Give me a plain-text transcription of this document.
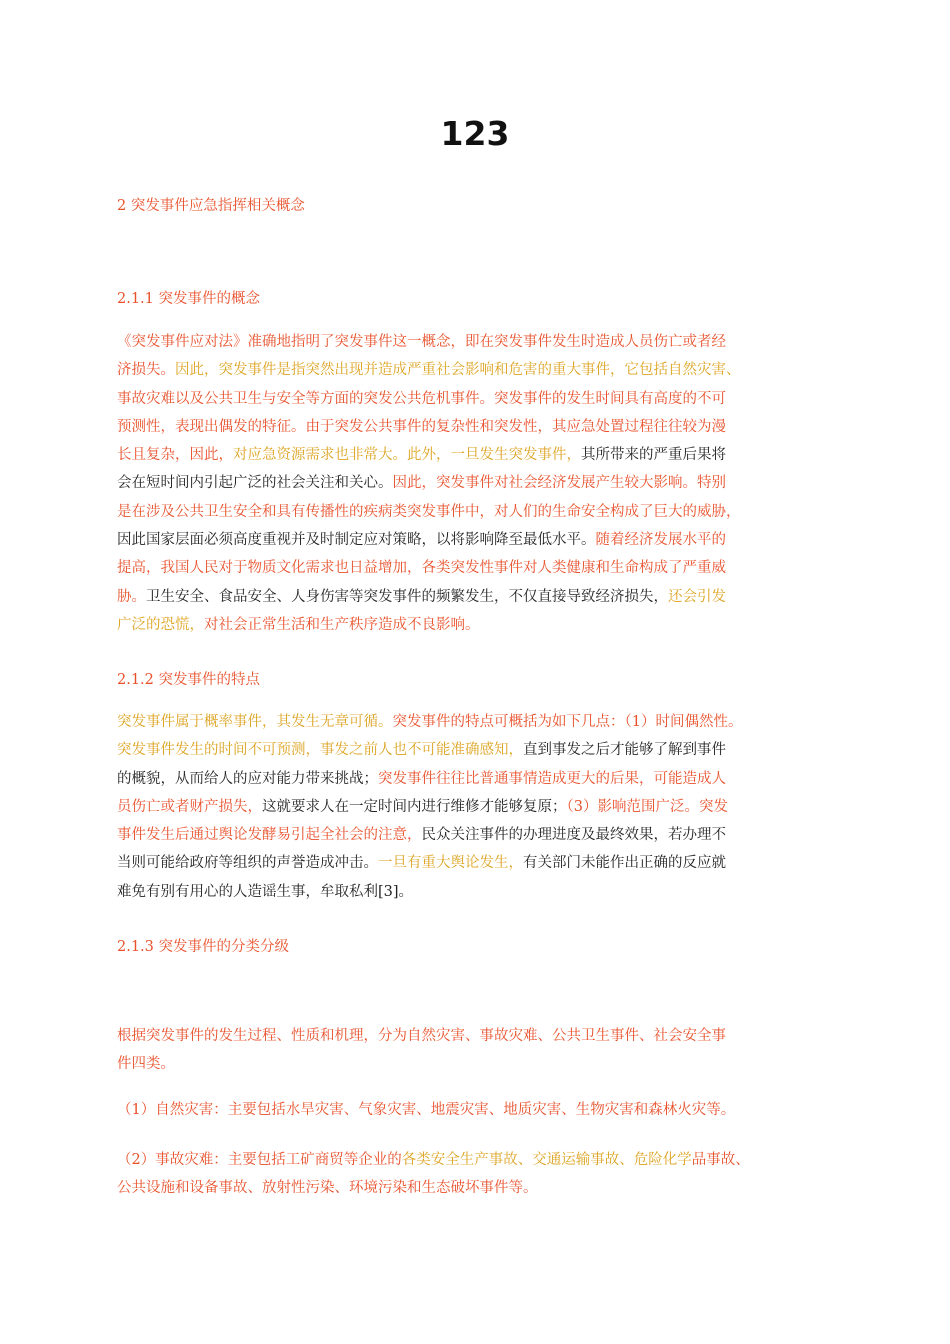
123

2 突发事件应急指挥相关概念

2.1.1 突发事件的概念

《突发事件应对法》准确地指明了突发事件这一概念，即在突发事件发生时造成人员伤亡或者经
济损失。因此，突发事件是指突然出现并造成严重社会影响和危害的重大事件，它包括自然灾害、
事故灾难以及公共卫生与安全等方面的突发公共危机事件。突发事件的发生时间具有高度的不可
预测性，表现出偶发的特征。由于突发公共事件的复杂性和突发性，其应急处置过程往往较为漫
长且复杂，因此，对应急资源需求也非常大。此外，一旦发生突发事件，其所带来的严重后果将
会在短时间内引起广泛的社会关注和关心。因此，突发事件对社会经济发展产生较大影响。特别
是在涉及公共卫生安全和具有传播性的疾病类突发事件中，对人们的生命安全构成了巨大的威胁，
因此国家层面必须高度重视并及时制定应对策略，以将影响降至最低水平。随着经济发展水平的
提高，我国人民对于物质文化需求也日益增加，各类突发性事件对人类健康和生命构成了严重威
胁。卫生安全、食品安全、人身伤害等突发事件的频繁发生，不仅直接导致经济损失，还会引发
广泛的恐慌，对社会正常生活和生产秩序造成不良影响。

2.1.2 突发事件的特点

突发事件属于概率事件，其发生无章可循。突发事件的特点可概括为如下几点：（1）时间偶然性。
突发事件发生的时间不可预测，事发之前人也不可能准确感知，直到事发之后才能够了解到事件
的概貌，从而给人的应对能力带来挑战；突发事件往往比普通事情造成更大的后果，可能造成人
员伤亡或者财产损失，这就要求人在一定时间内进行维修才能够复原；（3）影响范围广泛。突发
事件发生后通过舆论发酵易引起全社会的注意，民众关注事件的办理进度及最终效果，若办理不
当则可能给政府等组织的声誉造成冲击。一旦有重大舆论发生，有关部门未能作出正确的反应就
难免有别有用心的人造谣生事，牟取私利[3]。

2.1.3 突发事件的分类分级

根据突发事件的发生过程、性质和机理，分为自然灾害、事故灾难、公共卫生事件、社会安全事
件四类。
（1）自然灾害：主要包括水旱灾害、气象灾害、地震灾害、地质灾害、生物灾害和森林火灾等。
（2）事故灾难：主要包括工矿商贸等企业的各类安全生产事故、交通运输事故、危险化学品事故、
公共设施和设备事故、放射性污染、环境污染和生态破坏事件等。
